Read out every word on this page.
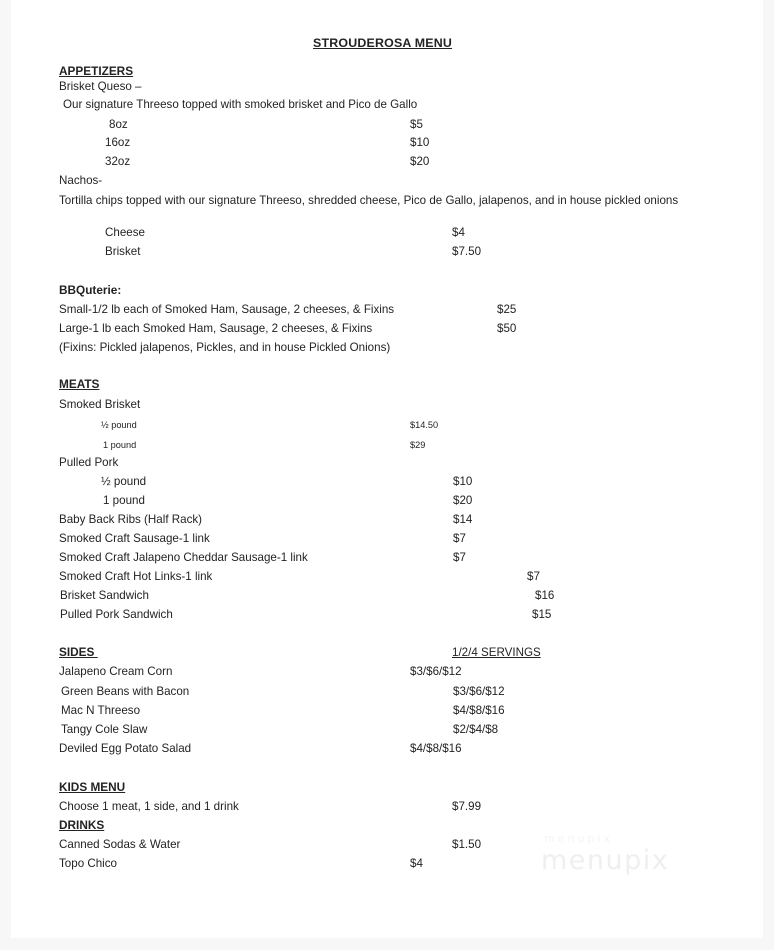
STROUDEROSA MENU
APPETIZERS
Brisket Queso –
Our signature Threeso topped with smoked brisket and Pico de Gallo
8oz	$5
16oz	$10
32oz	$20
Nachos-
Tortilla chips topped with our signature Threeso, shredded cheese, Pico de Gallo, jalapenos, and in house pickled onions
Cheese	$4
Brisket	$7.50
BBQuterie:
Small-1/2 lb each of Smoked Ham, Sausage, 2 cheeses, & Fixins	$25
Large-1 lb each Smoked Ham, Sausage, 2 cheeses, & Fixins	$50
(Fixins: Pickled jalapenos, Pickles, and in house Pickled Onions)
MEATS
Smoked Brisket
½ pound	$14.50
1 pound	$29
Pulled Pork
½ pound	$10
1 pound	$20
Baby Back Ribs (Half Rack)	$14
Smoked Craft Sausage-1 link	$7
Smoked Craft Jalapeno Cheddar Sausage-1 link	$7
Smoked Craft Hot Links-1 link	$7
Brisket Sandwich	$16
Pulled Pork Sandwich	$15
SIDES	1/2/4 SERVINGS
Jalapeno Cream Corn	$3/$6/$12
Green Beans with Bacon	$3/$6/$12
Mac N Threeso	$4/$8/$16
Tangy Cole Slaw	$2/$4/$8
Deviled Egg Potato Salad	$4/$8/$16
KIDS MENU
Choose 1 meat, 1 side, and 1 drink	$7.99
DRINKS
Canned Sodas & Water	$1.50
Topo Chico	$4
menupix
menupix
